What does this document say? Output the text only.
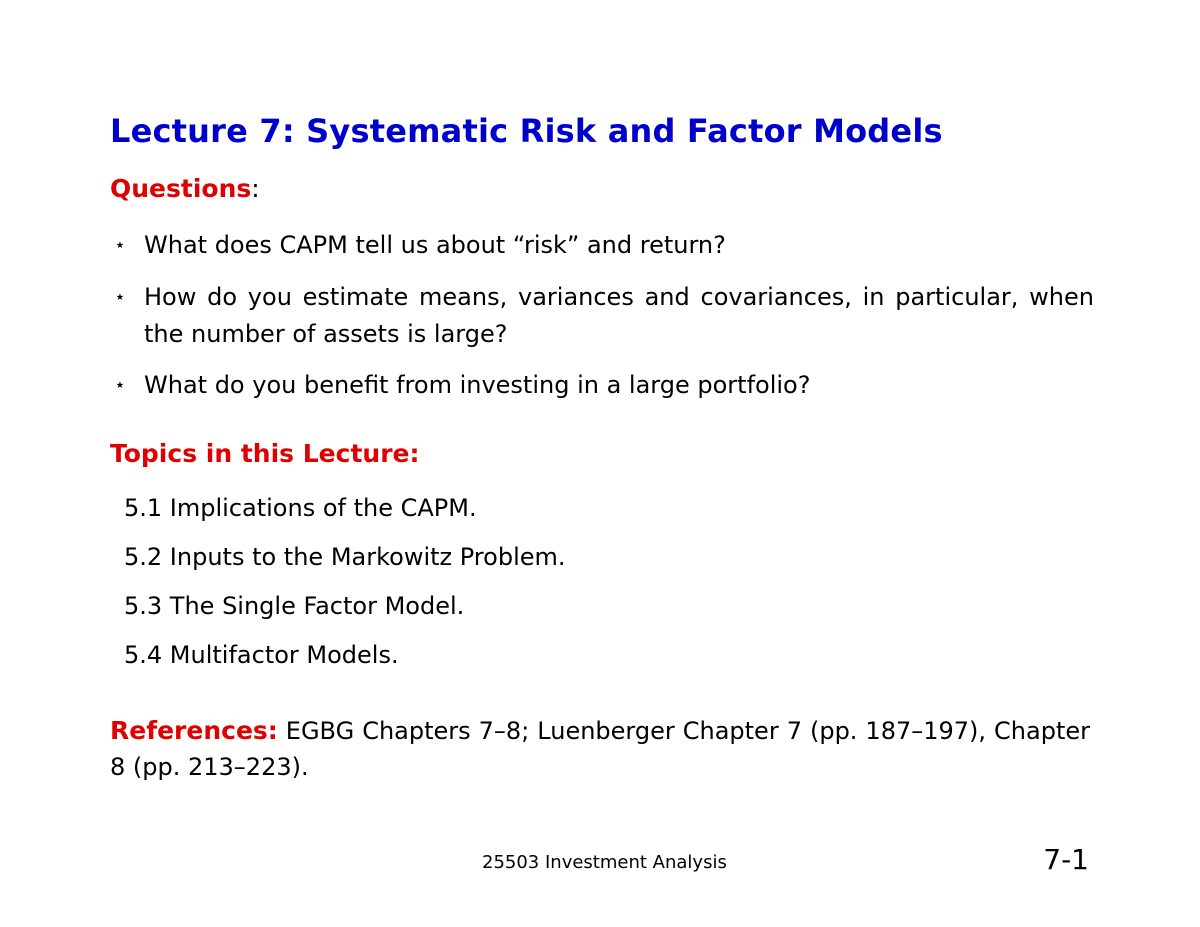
Lecture 7: Systematic Risk and Factor Models
Questions:
⋆ What does CAPM tell us about “risk” and return?
⋆ How do you estimate means, variances and covariances, in particular, when the number of assets is large?
⋆ What do you benefit from investing in a large portfolio?
Topics in this Lecture:
5.1 Implications of the CAPM.
5.2 Inputs to the Markowitz Problem.
5.3 The Single Factor Model.
5.4 Multifactor Models.
References: EGBG Chapters 7–8; Luenberger Chapter 7 (pp. 187–197), Chapter 8 (pp. 213–223).
25503 Investment Analysis	7-1
